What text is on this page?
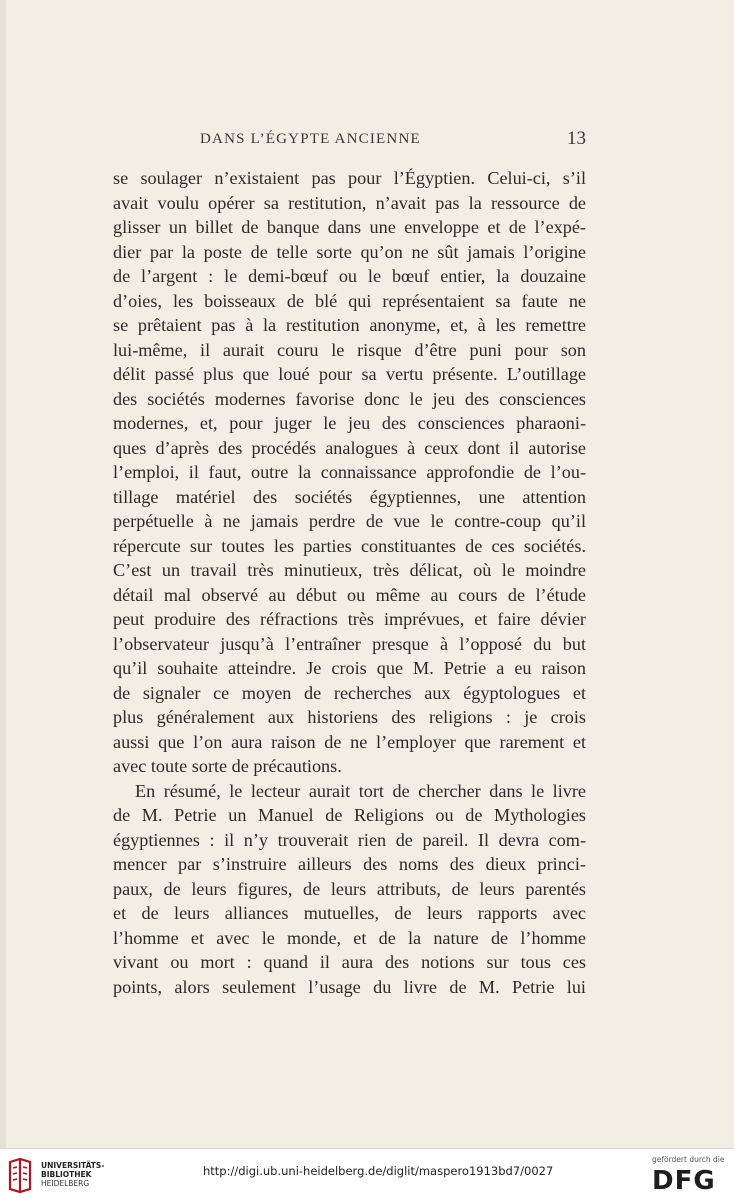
DANS L’ÉGYPTE ANCIENNE	13
se soulager n’existaient pas pour l’Égyptien. Celui-ci, s’il
avait voulu opérer sa restitution, n’avait pas la ressource de
glisser un billet de banque dans une enveloppe et de l’expé-
dier par la poste de telle sorte qu’on ne sût jamais l’origine
de l’argent : le demi-bœuf ou le bœuf entier, la douzaine
d’oies, les boisseaux de blé qui représentaient sa faute ne
se prêtaient pas à la restitution anonyme, et, à les remettre
lui-même, il aurait couru le risque d’être puni pour son
délit passé plus que loué pour sa vertu présente. L’outillage
des sociétés modernes favorise donc le jeu des consciences
modernes, et, pour juger le jeu des consciences pharaoni-
ques d’après des procédés analogues à ceux dont il autorise
l’emploi, il faut, outre la connaissance approfondie de l’ou-
tillage matériel des sociétés égyptiennes, une attention
perpétuelle à ne jamais perdre de vue le contre-coup qu’il
répercute sur toutes les parties constituantes de ces sociétés.
C’est un travail très minutieux, très délicat, où le moindre
détail mal observé au début ou même au cours de l’étude
peut produire des réfractions très imprévues, et faire dévier
l’observateur jusqu’à l’entraîner presque à l’opposé du but
qu’il souhaite atteindre. Je crois que M. Petrie a eu raison
de signaler ce moyen de recherches aux égyptologues et
plus généralement aux historiens des religions : je crois
aussi que l’on aura raison de ne l’employer que rarement et
avec toute sorte de précautions.
En résumé, le lecteur aurait tort de chercher dans le livre
de M. Petrie un Manuel de Religions ou de Mythologies
égyptiennes : il n’y trouverait rien de pareil. Il devra com-
mencer par s’instruire ailleurs des noms des dieux princi-
paux, de leurs figures, de leurs attributs, de leurs parentés
et de leurs alliances mutuelles, de leurs rapports avec
l’homme et avec le monde, et de la nature de l’homme
vivant ou mort : quand il aura des notions sur tous ces
points, alors seulement l’usage du livre de M. Petrie lui
UNIVERSITÄTS-
BIBLIOTHEK
HEIDELBERG
http://digi.ub.uni-heidelberg.de/diglit/maspero1913bd7/0027
gefördert durch die
DFG
